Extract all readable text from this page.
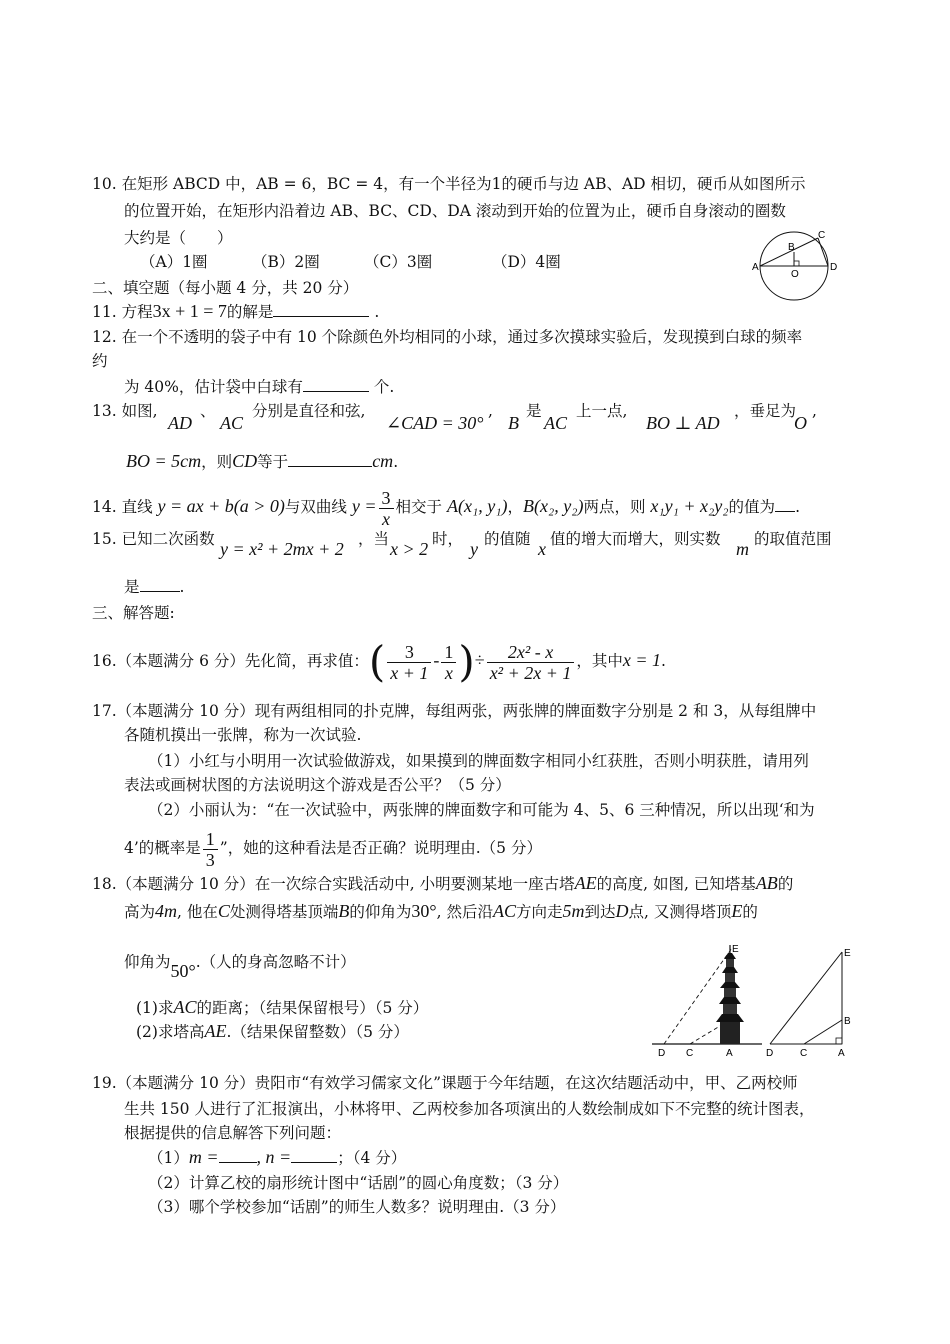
10. 在矩形 ABCD 中，AB = 6，BC = 4，有一个半径为1的硬币与边 AB、AD 相切，硬币从如图所示
的位置开始，在矩形内沿着边 AB、BC、CD、DA 滚动到开始的位置为止，硬币自身滚动的圈数
大约是（　　）
（A）1圈	（B）2圈	（C）3圈	（D）4圈	A
B
C
D
O
二、填空题（每小题 4 分，共 20 分）
11. 方程3x + 1 = 7的解是	.
12. 在一个不透明的袋子中有 10 个除颜色外均相同的小球，通过多次摸球实验后，发现摸到白球的频率
约
为 40%，估计袋中白球有	个.
13. 如图,
AD
、
AC
分别是直径和弦,
∠CAD = 30°
,
B
是
AC
上一点,
BO ⊥ AD
，垂足为
O
,
BO = 5cm，则CD等于	cm.
14. 直线 y = ax + b(a > 0)与双曲线 $y = \frac{3}{x}$ 相交于 A(x₁, y₁)，B(x₂, y₂)两点，则 x₁y₁ + x₂y₂的值为 .
15. 已知二次函数 y = x² + 2mx + 2 ，当 x > 2 时， y 的值随 x 值的增大而增大，则实数 m 的取值范围
是	.
三、解答题:
16.（本题满分 6 分）先化简，再求值：( $\frac{3}{x + 1} - \frac{1}{x}$ )÷ $\frac{\text{2x² - x}}{\text{x² + 2x + 1}}$ ，其中x = 1.
17.（本题满分 10 分）现有两组相同的扑克牌，每组两张，两张牌的牌面数字分别是 2 和 3，从每组牌中
各随机摸出一张牌，称为一次试验.
（1）小红与小明用一次试验做游戏，如果摸到的牌面数字相同小红获胜，否则小明获胜，请用列
表法或画树状图的方法说明这个游戏是否公平？（5 分）
（2）小丽认为：“在一次试验中，两张牌的牌面数字和可能为 4、5、6 三种情况，所以出现‘和为
4’的概率是 $\frac{1}{3}$ ”，她的这种看法是否正确？说明理由.（5 分）
18.（本题满分 10 分）在一次综合实践活动中, 小明要测某地一座古塔AE的高度, 如图, 已知塔基AB的
高为4m, 他在C处测得塔基顶端B的仰角为30°, 然后沿AC方向走5m到达D点, 又测得塔顶E的
仰角为50°.（人的身高忽略不计）
(1)求AC的距离；（结果保留根号）（5 分）
(2)求塔高AE.（结果保留整数）（5 分）
E
D C	A
E
B
D	C	A
19.（本题满分 10 分）贵阳市“有效学习儒家文化”课题于今年结题，在这次结题活动中，甲、乙两校师
生共 150 人进行了汇报演出，小林将甲、乙两校参加各项演出的人数绘制成如下不完整的统计图表，
根据提供的信息解答下列问题：
（1）m = , n =	；（4 分）
（2）计算乙校的扇形统计图中“话剧”的圆心角度数；（3 分）
（3）哪个学校参加“话剧”的师生人数多？说明理由.（3 分）
